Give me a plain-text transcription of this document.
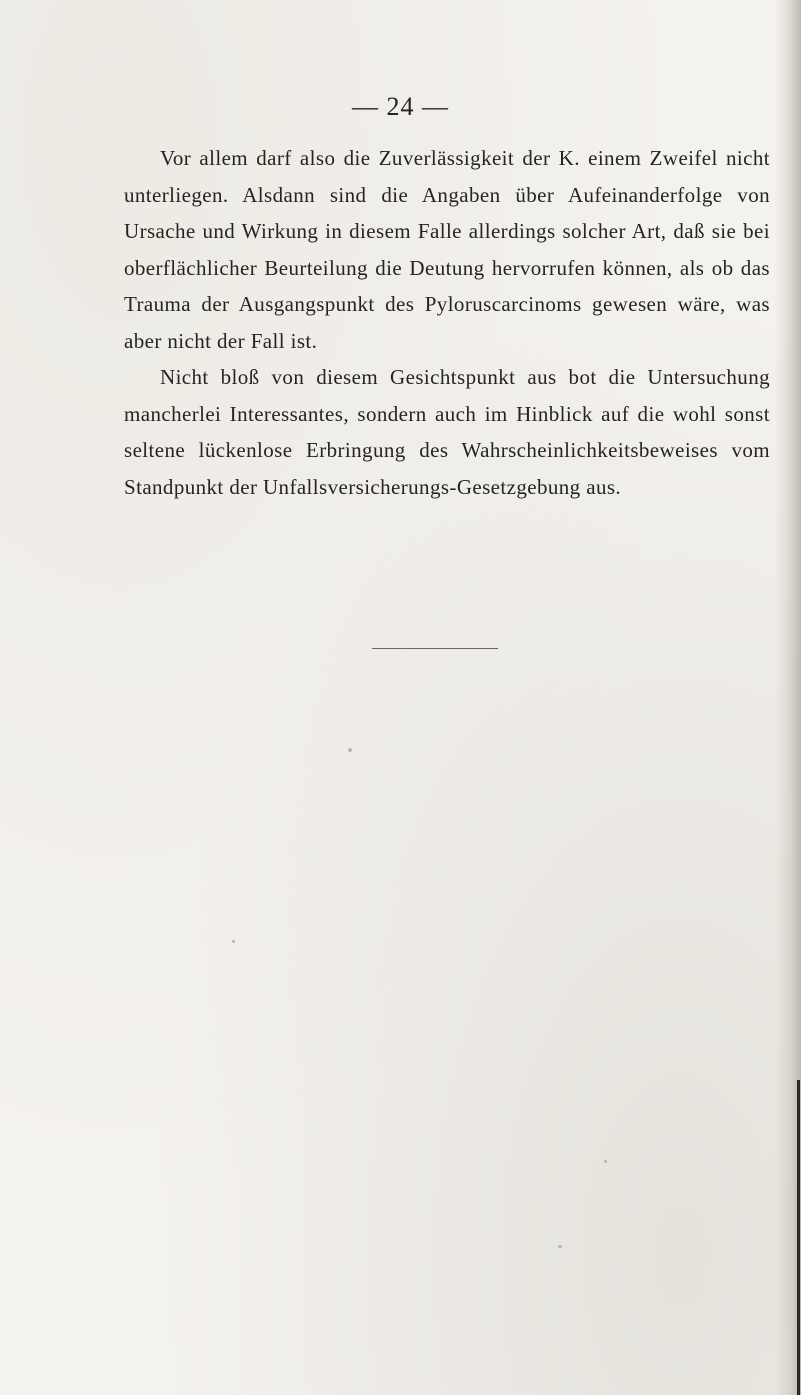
— 24 —

Vor allem darf also die Zuverlässigkeit der K. einem Zweifel nicht unterliegen. Alsdann sind die Angaben über Aufeinanderfolge von Ursache und Wirkung in diesem Falle allerdings solcher Art, daß sie bei oberflächlicher Beurteilung die Deutung hervorrufen können, als ob das Trauma der Ausgangspunkt des Pyloruscarcinoms gewesen wäre, was aber nicht der Fall ist.

Nicht bloß von diesem Gesichtspunkt aus bot die Untersuchung mancherlei Interessantes, sondern auch im Hinblick auf die wohl sonst seltene lückenlose Erbringung des Wahrscheinlichkeitsbeweises vom Standpunkt der Unfallsversicherungs-Gesetzgebung aus.
